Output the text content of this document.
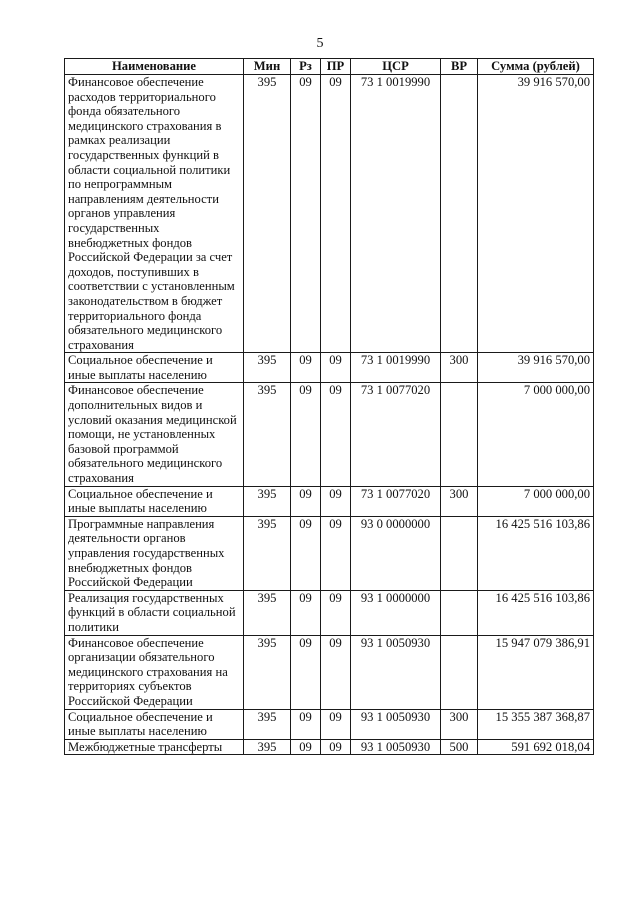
5
Наименование	Мин	Рз	ПР	ЦСР	ВР	Сумма (рублей)
Финансовое обеспечение расходов территориального фонда обязательного медицинского страхования в рамках реализации государственных функций в области социальной политики по непрограммным направлениям деятельности органов управления государственных внебюджетных фондов Российской Федерации за счет доходов, поступивших в соответствии с установленным законодательством в бюджет территориального фонда обязательного медицинского страхования	395	09	09	73 1 0019990		39 916 570,00
Социальное обеспечение и иные выплаты населению	395	09	09	73 1 0019990	300	39 916 570,00
Финансовое обеспечение дополнительных видов и условий оказания медицинской помощи, не установленных базовой программой обязательного медицинского страхования	395	09	09	73 1 0077020		7 000 000,00
Социальное обеспечение и иные выплаты населению	395	09	09	73 1 0077020	300	7 000 000,00
Программные направления деятельности органов управления государственных внебюджетных фондов Российской Федерации	395	09	09	93 0 0000000		16 425 516 103,86
Реализация государственных функций в области социальной политики	395	09	09	93 1 0000000		16 425 516 103,86
Финансовое обеспечение организации обязательного медицинского страхования на территориях субъектов Российской Федерации	395	09	09	93 1 0050930		15 947 079 386,91
Социальное обеспечение и иные выплаты населению	395	09	09	93 1 0050930	300	15 355 387 368,87
Межбюджетные трансферты	395	09	09	93 1 0050930	500	591 692 018,04
